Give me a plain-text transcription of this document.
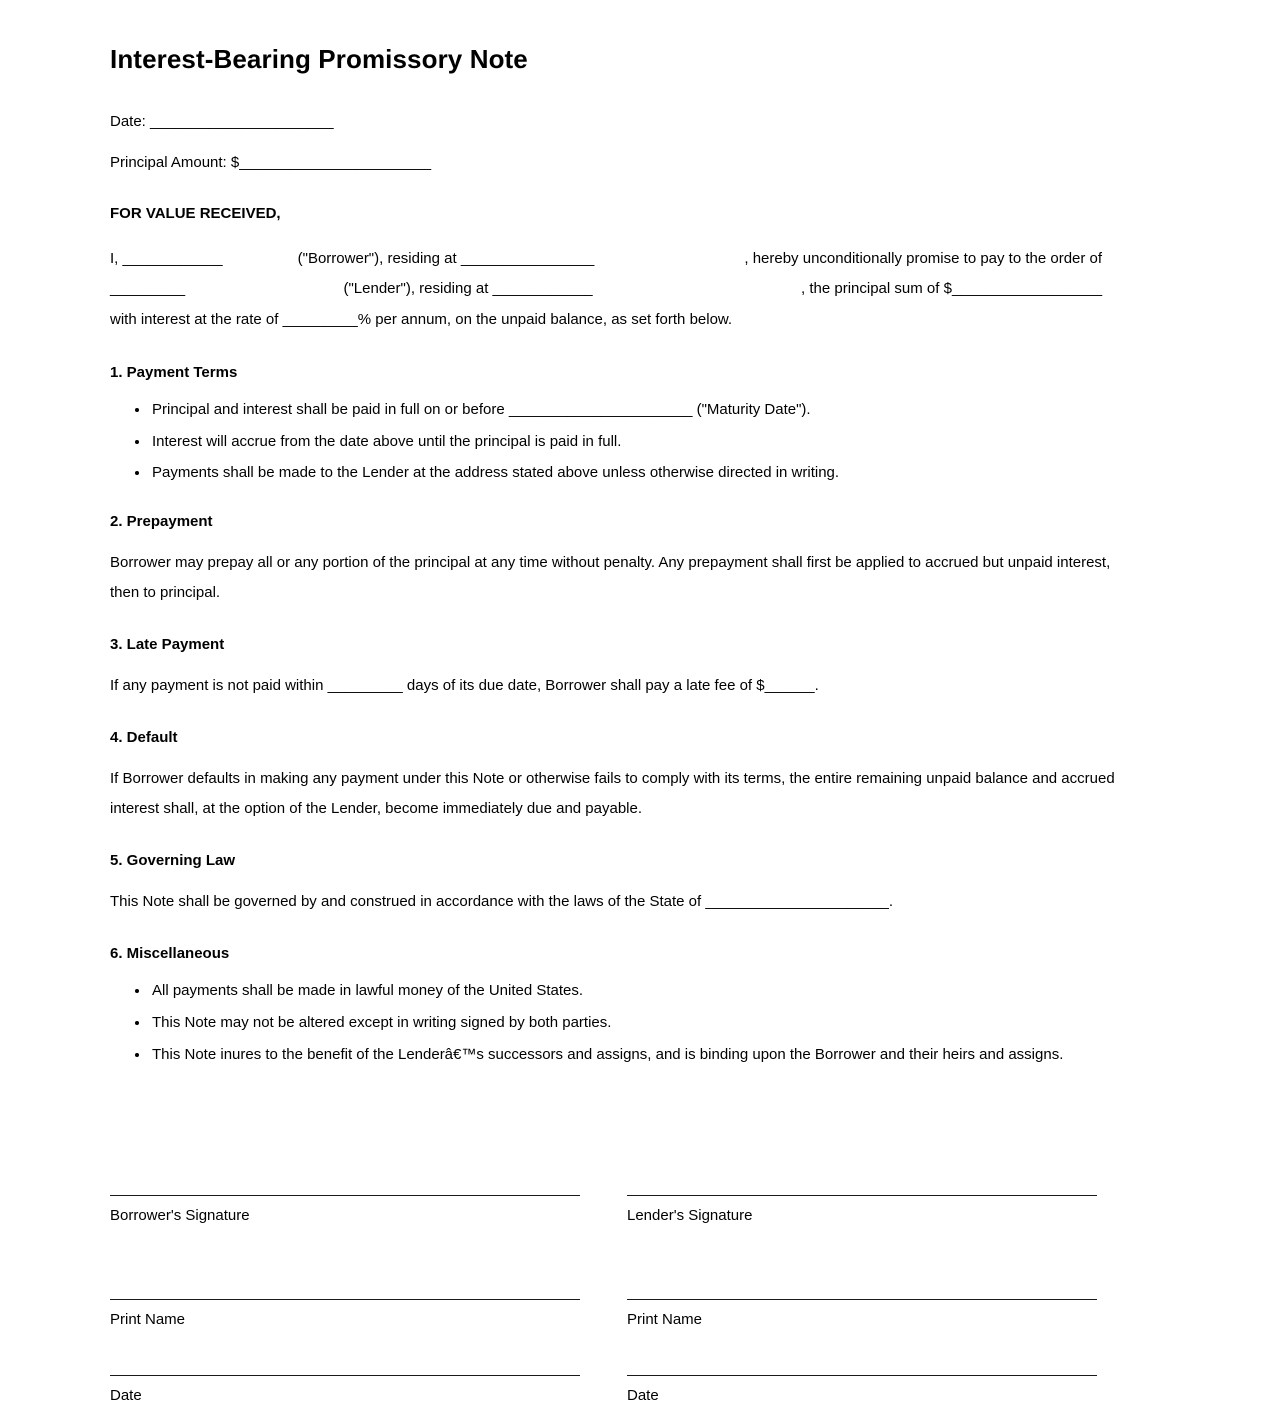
Interest-Bearing Promissory Note
Date: ______________________
Principal Amount: $_______________________
FOR VALUE RECEIVED,
I, ____________	("Borrower"), residing at ________________	, hereby unconditionally promise to pay to the order of _________	("Lender"), residing at ____________	, the principal sum of $__________________ with interest at the rate of _________% per annum, on the unpaid balance, as set forth below.
1. Payment Terms
• Principal and interest shall be paid in full on or before ______________________ ("Maturity Date").
• Interest will accrue from the date above until the principal is paid in full.
• Payments shall be made to the Lender at the address stated above unless otherwise directed in writing.
2. Prepayment
Borrower may prepay all or any portion of the principal at any time without penalty. Any prepayment shall first be applied to accrued but unpaid interest, then to principal.
3. Late Payment
If any payment is not paid within _________ days of its due date, Borrower shall pay a late fee of $______.
4. Default
If Borrower defaults in making any payment under this Note or otherwise fails to comply with its terms, the entire remaining unpaid balance and accrued interest shall, at the option of the Lender, become immediately due and payable.
5. Governing Law
This Note shall be governed by and construed in accordance with the laws of the State of ______________________.
6. Miscellaneous
• All payments shall be made in lawful money of the United States.
• This Note may not be altered except in writing signed by both parties.
• This Note inures to the benefit of the Lenderâ€™s successors and assigns, and is binding upon the Borrower and their heirs and assigns.
Borrower's Signature	Lender's Signature
Print Name	Print Name
Date	Date
